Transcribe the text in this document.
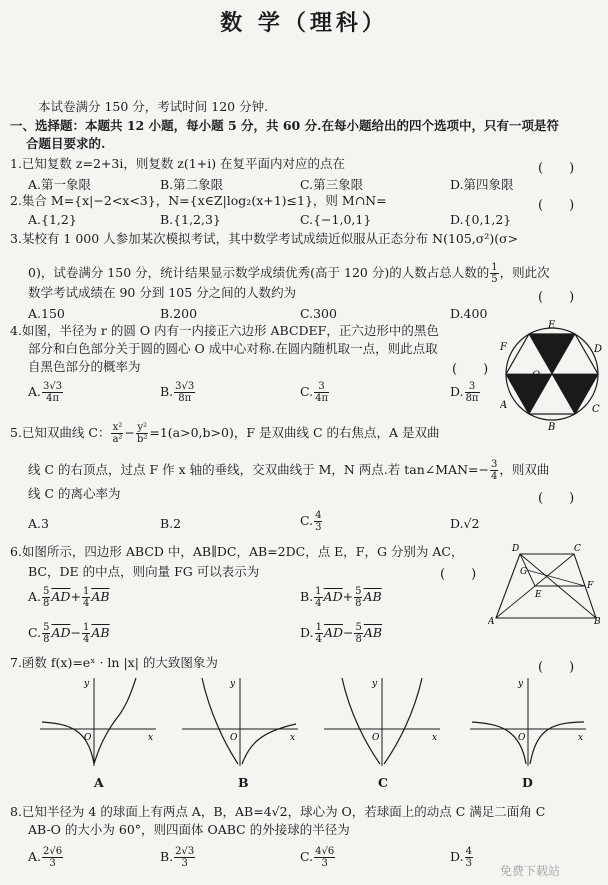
数 学（理科）
本试卷满分 150 分，考试时间 120 分钟.
一、选择题：本题共 12 小题，每小题 5 分，共 60 分.在每小题给出的四个选项中，只有一项是符
合题目要求的.
1.已知复数 z=2+3i，则复数 z(1+i) 在复平面内对应的点在	(　　)
A.第一象限	B.第二象限	C.第三象限	D.第四象限
2.集合 M={x|−2<x<3}，N={x∈Z|log₂(x+1)≤1}，则 M∩N=	(　　)
A.{1,2}	B.{1,2,3}	C.{−1,0,1}	D.{0,1,2}
3.某校有 1 000 人参加某次模拟考试，其中数学考试成绩近似服从正态分布 N(105,σ²)(σ>
0)，试卷满分 150 分，统计结果显示数学成绩优秀(高于 120 分)的人数占总人数的 $\frac{1}{5}$ ，则此次
数学考试成绩在 90 分到 105 分之间的人数约为	(　　)
A.150	B.200	C.300	D.400
4.如图，半径为 r 的圆 O 内有一内接正六边形 ABCDEF，正六边形中的黑色
部分和白色部分关于圆的圆心 O 成中心对称.在圆内随机取一点，则此点取
自黑色部分的概率为	(　　)
A. $\frac{3√3}{4\pi}$	B. $\frac{3√3}{8\pi}$	C. $\frac{3}{4\pi}$	D. $\frac{3}{8\pi}$
E
F	D
A	C
B
O
5.已知双曲线 C： $\frac{\text{x²}}{\text{a²}} - \frac{\text{y²}}{\text{b²}} =1(a>0,b>0)$，F 是双曲线 C 的右焦点，A 是双曲
线 C 的右顶点，过点 F 作 x 轴的垂线，交双曲线于 M，N 两点.若 tan∠MAN=− $\frac{3}{4}$ ，则双曲
线 C 的离心率为	(　　)
A.3	B.2	C. $\frac{4}{3}$	D.√2
6.如图所示，四边形 ABCD 中，AB∥DC，AB=2DC，点 E，F，G 分别为 AC，
BC，DE 的中点，则向量 FG 可以表示为	(　　)
A. $\frac{5}{8} \overline{AD}+ \frac{1}{4} \overline{AB}$	B. $\frac{1}{4} \overline{AD}+ \frac{5}{8} \overline{AB}$
C. $\frac{5}{8} \overline{AD}- \frac{1}{4} \overline{AB}$	D. $\frac{1}{4} \overline{AD}- \frac{5}{8} \overline{AB}$
D	C
A	B
G
E
F
7.函数 f(x)=eˣ · ln |x| 的大致图象为	(　　)
x
y
O
A
x
y
O
B
x
y
O
C
x
y
O
D
8.已知半径为 4 的球面上有两点 A，B，AB=4√2，球心为 O，若球面上的动点 C 满足二面角 C
AB-O 的大小为 60°，则四面体 OABC 的外接球的半径为
A. $\frac{2√6}{3}$	B. $\frac{2√3}{3}$	C. $\frac{4√6}{3}$	D. $\frac{4}{3}$
免费下载站
